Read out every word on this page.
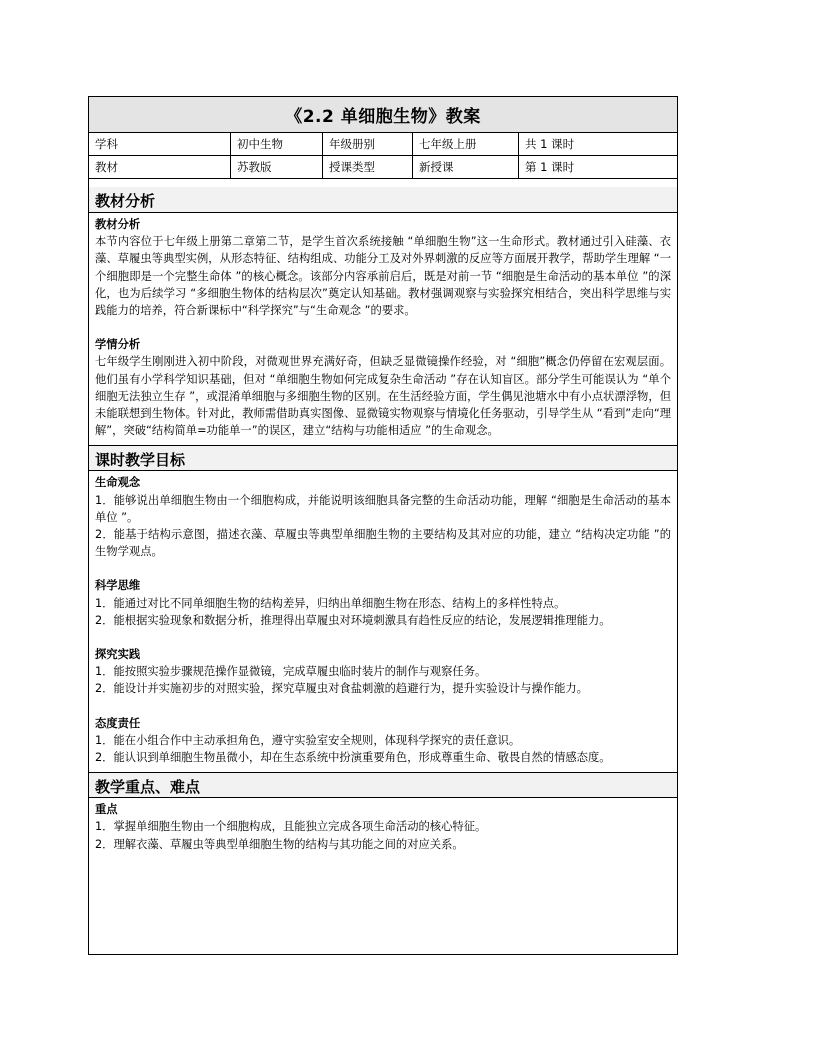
《2.2 单细胞生物》教案
学科	初中生物	年级册别	七年级上册	共 1 课时
教材	苏教版	授课类型	新授课	第 1 课时
教材分析
教材分析
本节内容位于七年级上册第二章第二节，是学生首次系统接触 “单细胞生物”这一生命形式。教材通过引入硅藻、衣藻、草履虫等典型实例，从形态特征、结构组成、功能分工及对外界刺激的反应等方面展开教学，帮助学生理解 “一个细胞即是一个完整生命体 ”的核心概念。该部分内容承前启后，既是对前一节 “细胞是生命活动的基本单位 ”的深化，也为后续学习 “多细胞生物体的结构层次”奠定认知基础。教材强调观察与实验探究相结合，突出科学思维与实践能力的培养，符合新课标中“科学探究”与“生命观念 ”的要求。
学情分析
七年级学生刚刚进入初中阶段，对微观世界充满好奇，但缺乏显微镜操作经验，对 “细胞”概念仍停留在宏观层面。他们虽有小学科学知识基础，但对 “单细胞生物如何完成复杂生命活动 ”存在认知盲区。部分学生可能误认为 “单个细胞无法独立生存 ”，或混淆单细胞与多细胞生物的区别。在生活经验方面，学生偶见池塘水中有小点状漂浮物，但未能联想到生物体。针对此，教师需借助真实图像、显微镜实物观察与情境化任务驱动，引导学生从 “看到”走向“理解”，突破“结构简单=功能单一”的误区，建立“结构与功能相适应 ”的生命观念。
课时教学目标
生命观念
1．能够说出单细胞生物由一个细胞构成，并能说明该细胞具备完整的生命活动功能，理解 “细胞是生命活动的基本单位 ”。
2．能基于结构示意图，描述衣藻、草履虫等典型单细胞生物的主要结构及其对应的功能，建立 “结构决定功能 ”的生物学观点。
科学思维
1．能通过对比不同单细胞生物的结构差异，归纳出单细胞生物在形态、结构上的多样性特点。
2．能根据实验现象和数据分析，推理得出草履虫对环境刺激具有趋性反应的结论，发展逻辑推理能力。
探究实践
1．能按照实验步骤规范操作显微镜，完成草履虫临时装片的制作与观察任务。
2．能设计并实施初步的对照实验，探究草履虫对食盐刺激的趋避行为，提升实验设计与操作能力。
态度责任
1．能在小组合作中主动承担角色，遵守实验室安全规则，体现科学探究的责任意识。
2．能认识到单细胞生物虽微小，却在生态系统中扮演重要角色，形成尊重生命、敬畏自然的情感态度。
教学重点、难点
重点
1．掌握单细胞生物由一个细胞构成，且能独立完成各项生命活动的核心特征。
2．理解衣藻、草履虫等典型单细胞生物的结构与其功能之间的对应关系。
